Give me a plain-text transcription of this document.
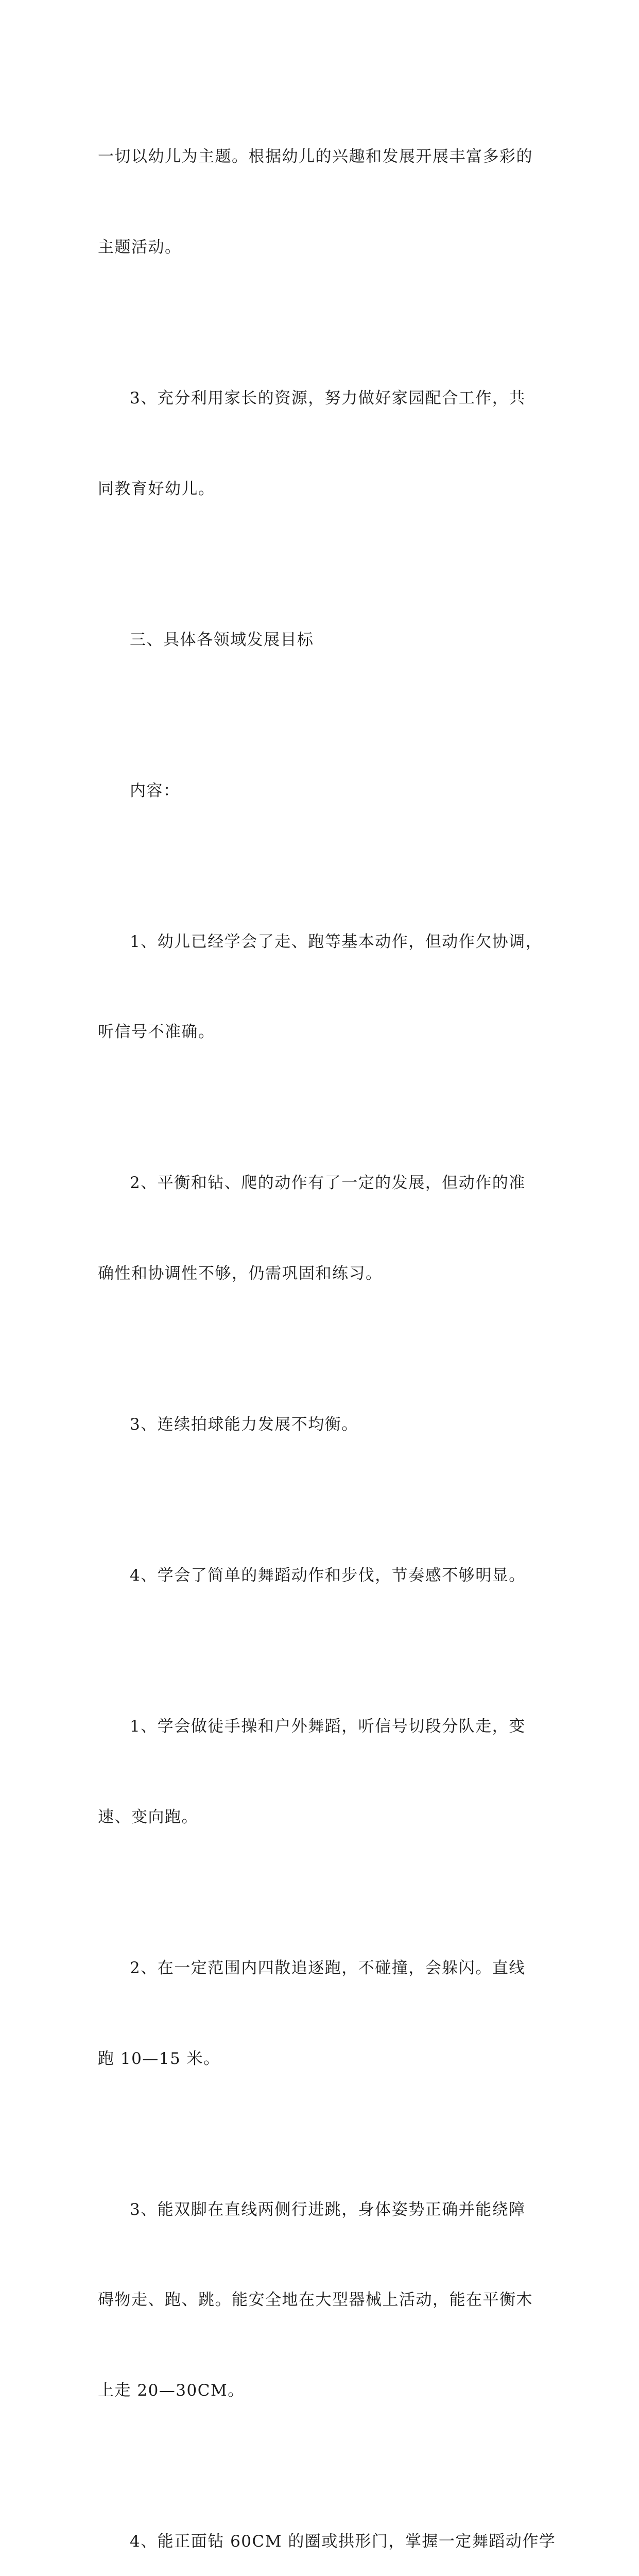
一切以幼儿为主题。根据幼儿的兴趣和发展开展丰富多彩的

主题活动。

3、充分利用家长的资源，努力做好家园配合工作，共

同教育好幼儿。

三、具体各领域发展目标

内容：

1、幼儿已经学会了走、跑等基本动作，但动作欠协调，

听信号不准确。

2、平衡和钻、爬的动作有了一定的发展，但动作的准

确性和协调性不够，仍需巩固和练习。

3、连续拍球能力发展不均衡。

4、学会了简单的舞蹈动作和步伐，节奏感不够明显。

1、学会做徒手操和户外舞蹈，听信号切段分队走，变

速、变向跑。

2、在一定范围内四散追逐跑，不碰撞，会躲闪。直线

跑 10—15 米。

3、能双脚在直线两侧行进跳，身体姿势正确并能绕障

碍物走、跑、跳。能安全地在大型器械上活动，能在平衡木

上走 20—30CM。

4、能正面钻 60CM 的圈或拱形门，掌握一定舞蹈动作学
